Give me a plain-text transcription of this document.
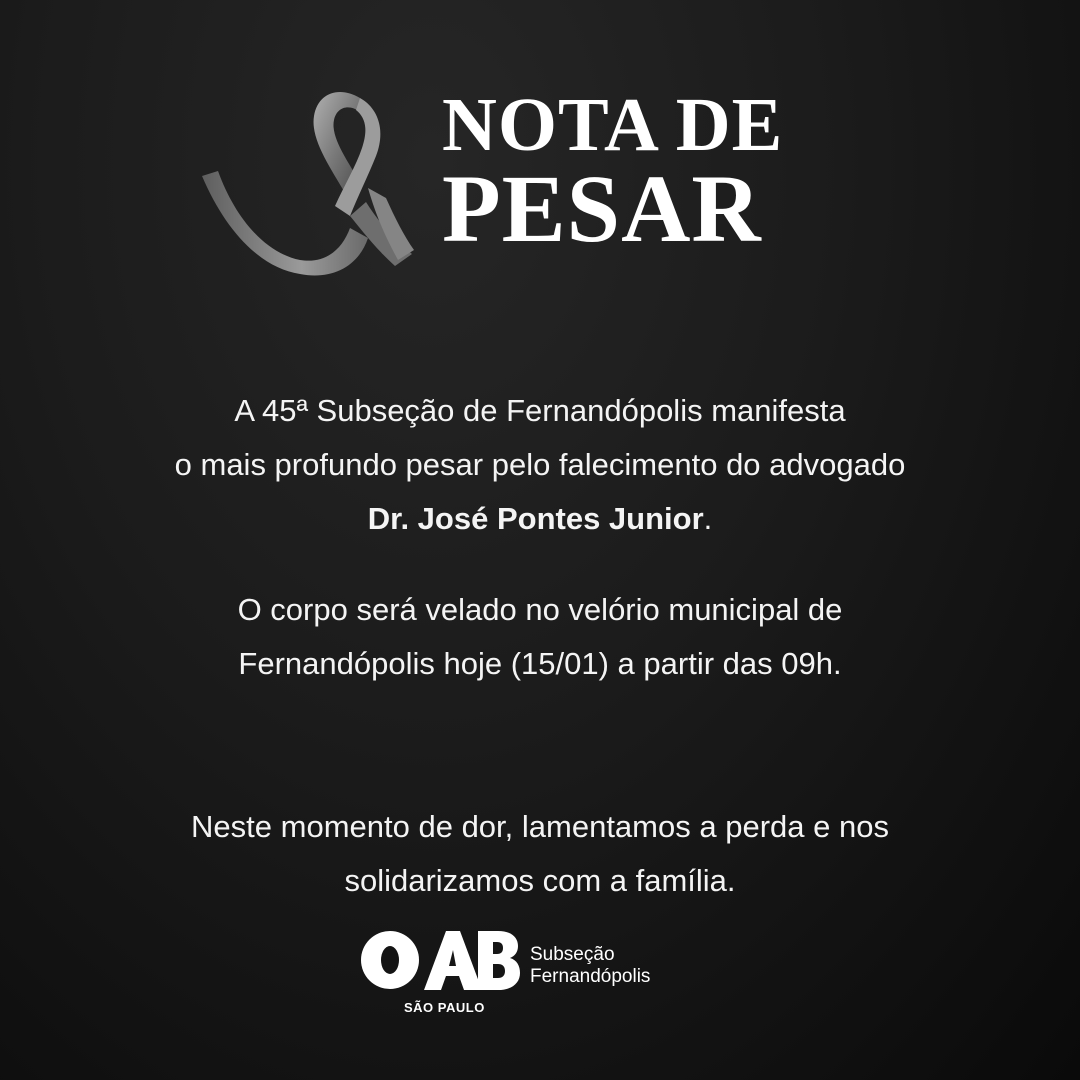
NOTA DE
PESAR
A 45ª Subseção de Fernandópolis manifesta
o mais profundo pesar pelo falecimento do advogado
Dr. José Pontes Junior.
O corpo será velado no velório municipal de
Fernandópolis hoje (15/01) a partir das 09h.
Neste momento de dor, lamentamos a perda e nos
solidarizamos com a família.
SÃO PAULO
Subseção
Fernandópolis
